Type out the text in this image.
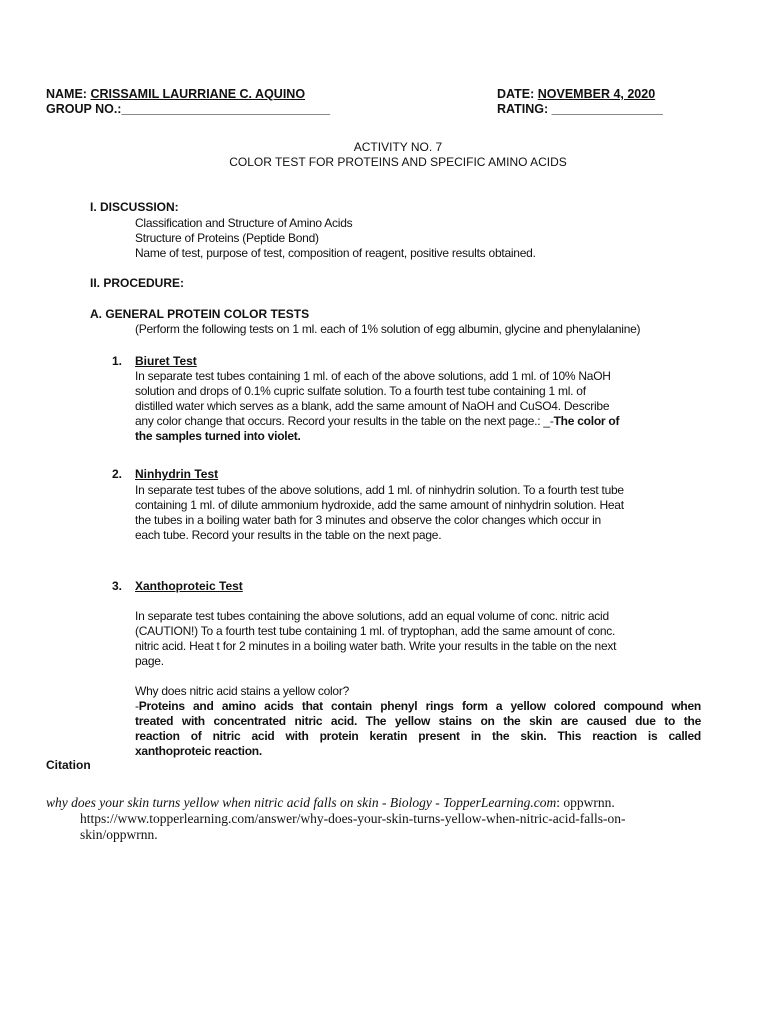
NAME: CRISSAMIL LAURRIANE C. AQUINO	DATE: NOVEMBER 4, 2020
GROUP NO.:______________________________	RATING: ________________
ACTIVITY NO. 7
COLOR TEST FOR PROTEINS AND SPECIFIC AMINO ACIDS
I. DISCUSSION:
Classification and Structure of Amino Acids
Structure of Proteins (Peptide Bond)
Name of test, purpose of test, composition of reagent, positive results obtained.
II. PROCEDURE:
A. GENERAL PROTEIN COLOR TESTS
(Perform the following tests on 1 ml. each of 1% solution of egg albumin, glycine and phenylalanine)
1. Biuret Test
In separate test tubes containing 1 ml. of each of the above solutions, add 1 ml. of 10% NaOH
solution and drops of 0.1% cupric sulfate solution. To a fourth test tube containing 1 ml. of
distilled water which serves as a blank, add the same amount of NaOH and CuSO4. Describe
any color change that occurs. Record your results in the table on the next page.: _-The color of
the samples turned into violet.
2. Ninhydrin Test
In separate test tubes of the above solutions, add 1 ml. of ninhydrin solution. To a fourth test tube
containing 1 ml. of dilute ammonium hydroxide, add the same amount of ninhydrin solution. Heat
the tubes in a boiling water bath for 3 minutes and observe the color changes which occur in
each tube. Record your results in the table on the next page.
3. Xanthoproteic Test
In separate test tubes containing the above solutions, add an equal volume of conc. nitric acid
(CAUTION!) To a fourth test tube containing 1 ml. of tryptophan, add the same amount of conc.
nitric acid. Heat t for 2 minutes in a boiling water bath. Write your results in the table on the next
page.
Why does nitric acid stains a yellow color?
-Proteins and amino acids that contain phenyl rings form a yellow colored compound when
treated with concentrated nitric acid. The yellow stains on the skin are caused due to the
reaction of nitric acid with protein keratin present in the skin. This reaction is called
xanthoproteic reaction.
Citation
why does your skin turns yellow when nitric acid falls on skin - Biology - TopperLearning.com: oppwrnn.
https://www.topperlearning.com/answer/why-does-your-skin-turns-yellow-when-nitric-acid-falls-on-
skin/oppwrnn.
